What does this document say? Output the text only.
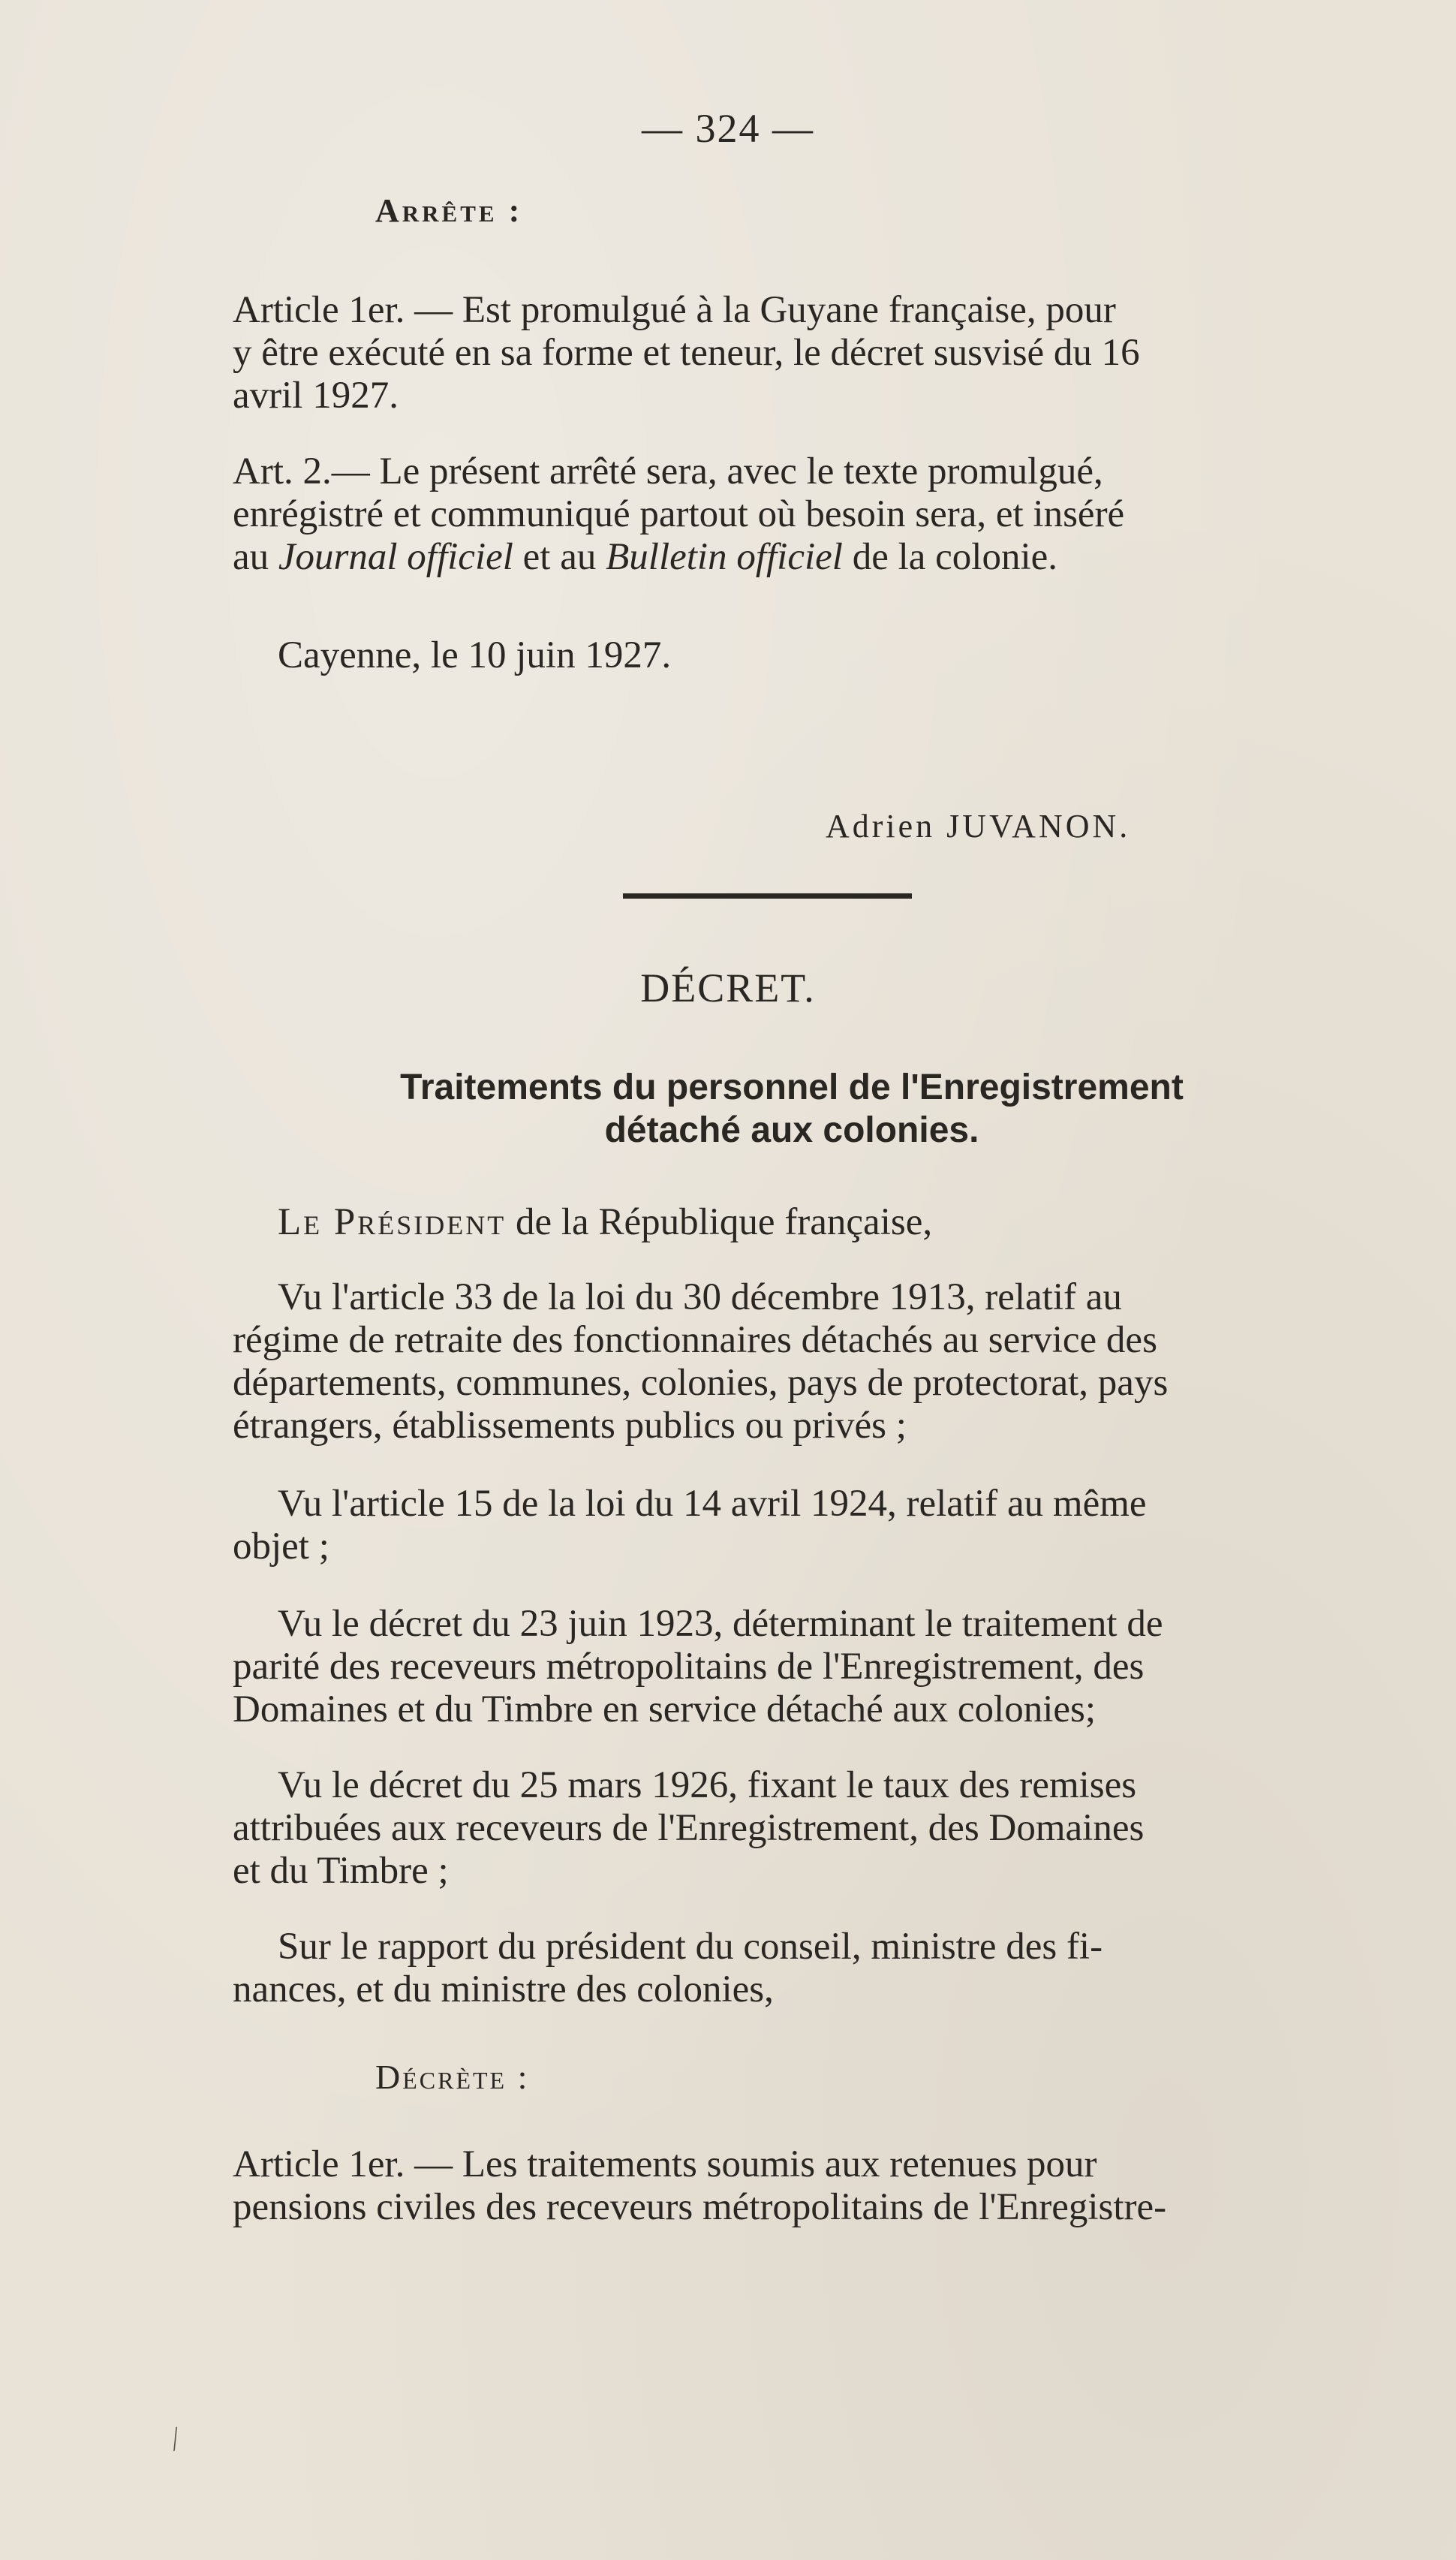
— 324 —
Arrête :
Article 1er. — Est promulgué à la Guyane française, pour
y être exécuté en sa forme et teneur, le décret susvisé du 16
avril 1927.
Art. 2.— Le présent arrêté sera, avec le texte promulgué,
enrégistré et communiqué partout où besoin sera, et inséré
au Journal officiel et au Bulletin officiel de la colonie.
Cayenne, le 10 juin 1927.
Adrien JUVANON.
DÉCRET.
Traitements du personnel de l'Enregistrement
détaché aux colonies.
Le Président de la République française,
Vu l'article 33 de la loi du 30 décembre 1913, relatif au
régime de retraite des fonctionnaires détachés au service des
départements, communes, colonies, pays de protectorat, pays
étrangers, établissements publics ou privés ;
Vu l'article 15 de la loi du 14 avril 1924, relatif au même
objet ;
Vu le décret du 23 juin 1923, déterminant le traitement de
parité des receveurs métropolitains de l'Enregistrement, des
Domaines et du Timbre en service détaché aux colonies;
Vu le décret du 25 mars 1926, fixant le taux des remises
attribuées aux receveurs de l'Enregistrement, des Domaines
et du Timbre ;
Sur le rapport du président du conseil, ministre des fi-
nances, et du ministre des colonies,
Décrète :
Article 1er. — Les traitements soumis aux retenues pour
pensions civiles des receveurs métropolitains de l'Enregistre-
⁄
